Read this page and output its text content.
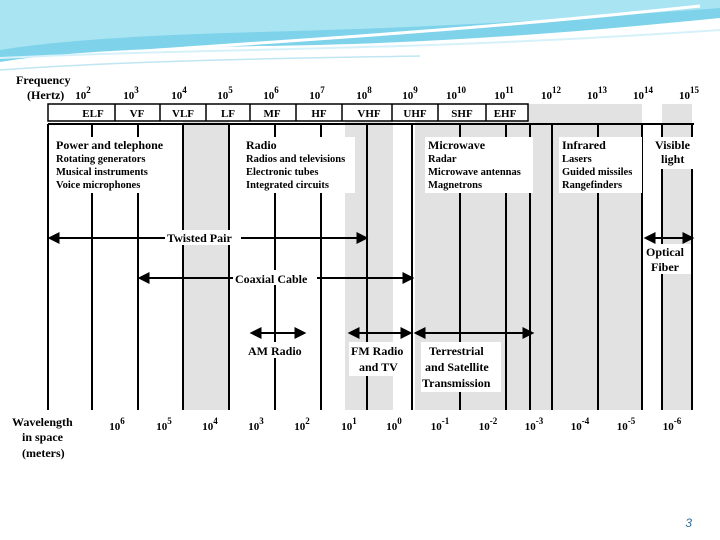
Frequency
(Hertz) $10^2$	$10^3$	$10^4$	$10^5$	$10^6$	$10^7$	$10^8$	$10^9$	$10^{10}$	$10^{11}$ $10^{12}$ $10^{13}$ $10^{14}$ $10^{15}$
ELF VF	VLF LF	MF	HF	VHF UHF SHF EHF
Power and telephone
Rotating generators
Musical instruments
Voice microphones
Radio
Radios and televisions
Electronic tubes
Integrated circuits
Microwave
Radar
Microwave antennas
Magnetrons
Infrared
Lasers
Guided missiles
Rangefinders
Visible
light
Twisted Pair
Coaxial Cable
Optical
Fiber
AM Radio	FM Radio
and TV
Terrestrial
and Satellite
Transmission
Wavelength
in space
(meters)
$10^6$	$10^5$	$10^4$	$10^3$	$10^2$	$10^1$	$10^0$	$10^{-1}$	$10^{-2}$	$10^{-3}$	$10^{-4}$	$10^{-5}$	$10^{-6}$
3
